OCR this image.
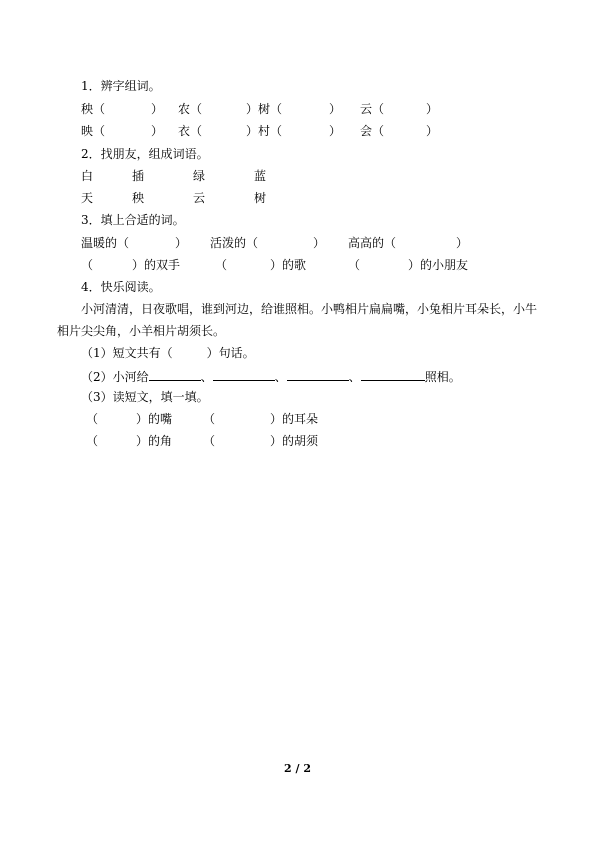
1．辨字组词。
秧（	） 农（	）树（	） 云（	）
映（	） 衣（	）村（	） 会（	）
2．找朋友，组成词语。
白	插	绿	蓝
天	秧	云	树
3．填上合适的词。
温暖的（	） 活泼的（	） 高高的（	）
（	）的双手	（	）的歌	（	）的小朋友
4．快乐阅读。
小河清清，日夜歌唱，谁到河边，给谁照相。小鸭相片扁扁嘴，小兔相片耳朵长，小牛相片尖尖角，小羊相片胡须长。
（1）短文共有（	）句话。
（2）小河给	、	、	、	照相。
（3）读短文，填一填。
（	）的嘴	（	）的耳朵
（	）的角	（	）的胡须
2 / 2
